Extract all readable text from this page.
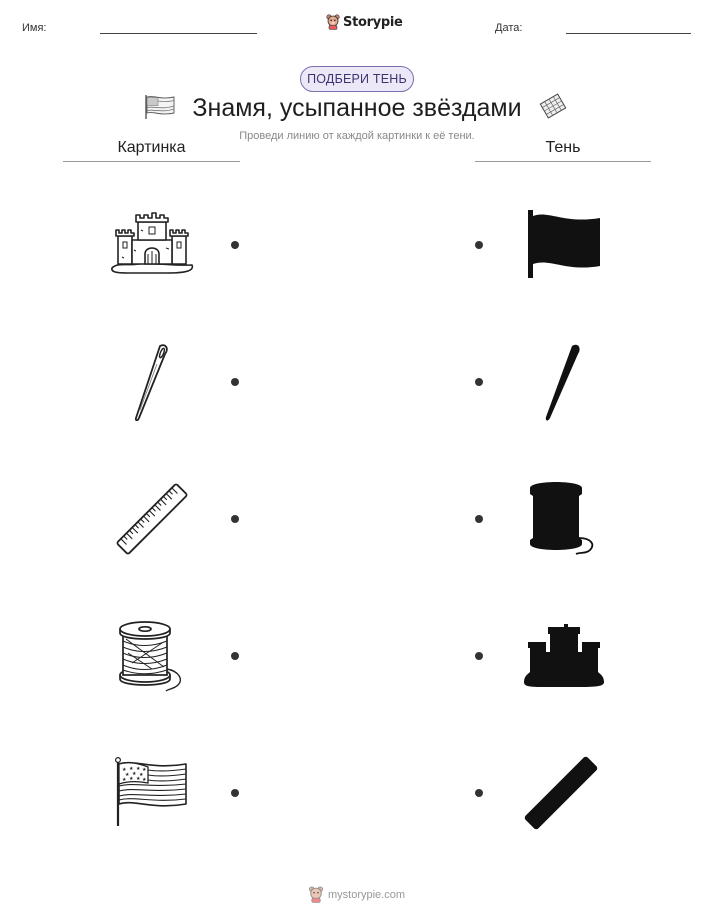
Имя:	Storypie	Дата:
ПОДБЕРИ ТЕНЬ
Знамя, усыпанное звёздами
Проведи линию от каждой картинки к её тени.
Картинка	Тень
★ ★ ★ ★
★ ★ ★
★ ★ ★ ★
mystorypie.com
